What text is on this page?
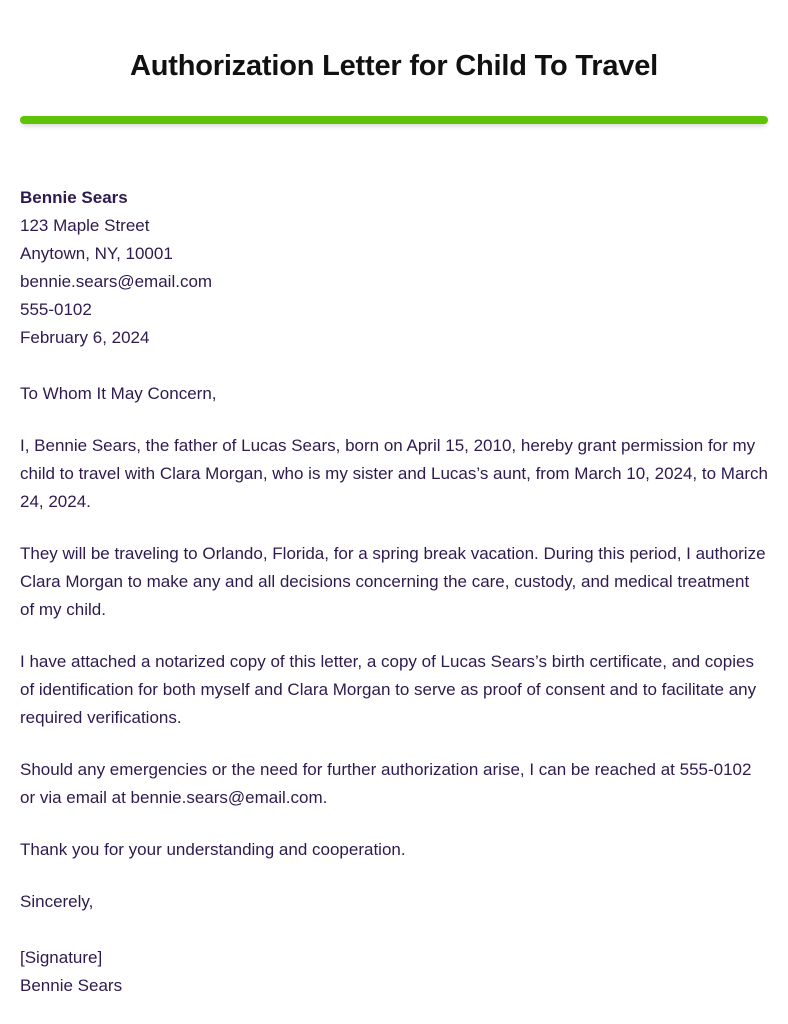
Authorization Letter for Child To Travel
Bennie Sears
123 Maple Street
Anytown, NY, 10001
bennie.sears@email.com
555-0102
February 6, 2024

To Whom It May Concern,

I, Bennie Sears, the father of Lucas Sears, born on April 15, 2010, hereby grant permission for my child to travel with Clara Morgan, who is my sister and Lucas’s aunt, from March 10, 2024, to March 24, 2024.

They will be traveling to Orlando, Florida, for a spring break vacation. During this period, I authorize Clara Morgan to make any and all decisions concerning the care, custody, and medical treatment of my child.

I have attached a notarized copy of this letter, a copy of Lucas Sears’s birth certificate, and copies of identification for both myself and Clara Morgan to serve as proof of consent and to facilitate any required verifications.

Should any emergencies or the need for further authorization arise, I can be reached at 555-0102 or via email at bennie.sears@email.com.

Thank you for your understanding and cooperation.

Sincerely,

[Signature]
Bennie Sears
